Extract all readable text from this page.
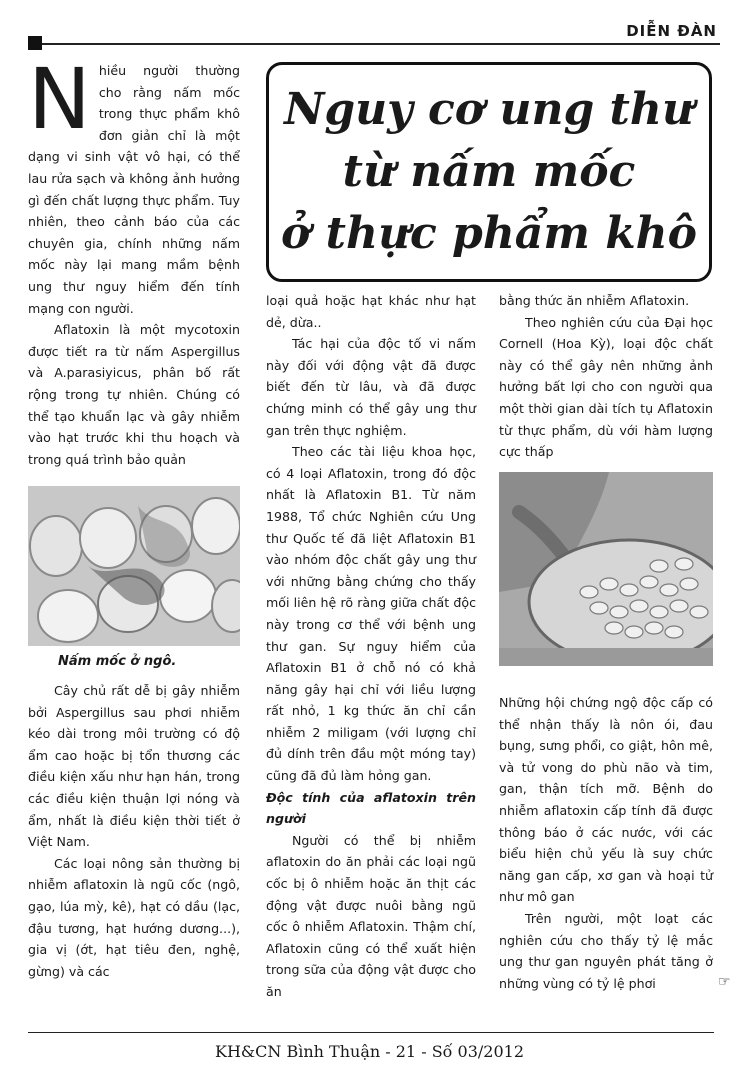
DIỄN ĐÀN
Nguy cơ ung thư
từ nấm mốc
ở thực phẩm khô
N hiều người thường cho rằng nấm mốc trong thực phẩm khô đơn giản chỉ là một dạng vi sinh vật vô hại, có thể lau rửa sạch và không ảnh hưởng gì đến chất lượng thực phẩm. Tuy nhiên, theo cảnh báo của các chuyên gia, chính những nấm mốc này lại mang mầm bệnh ung thư nguy hiểm đến tính mạng con người.

Aflatoxin là một mycotoxin được tiết ra từ nấm Aspergillus và A.parasiyicus, phân bố rất rộng trong tự nhiên. Chúng có thể tạo khuẩn lạc và gây nhiễm vào hạt trước khi thu hoạch và trong quá trình bảo quản

Nấm mốc ở ngô.

Cây chủ rất dễ bị gây nhiễm bởi Aspergillus sau phơi nhiễm kéo dài trong môi trường có độ ẩm cao hoặc bị tổn thương các điều kiện xấu như hạn hán, trong các điều kiện thuận lợi nóng và ẩm, nhất là điều kiện thời tiết ở Việt Nam.

Các loại nông sản thường bị nhiễm aflatoxin là ngũ cốc (ngô, gạo, lúa mỳ, kê), hạt có dầu (lạc, đậu tương, hạt hướng dương...), gia vị (ớt, hạt tiêu đen, nghệ, gừng) và các

loại quả hoặc hạt khác như hạt dẻ, dừa..

Tác hại của độc tố vi nấm này đối với động vật đã được biết đến từ lâu, và đã được chứng minh có thể gây ung thư gan trên thực nghiệm.

Theo các tài liệu khoa học, có 4 loại Aflatoxin, trong đó độc nhất là Aflatoxin B1. Từ năm 1988, Tổ chức Nghiên cứu Ung thư Quốc tế đã liệt Aflatoxin B1 vào nhóm độc chất gây ung thư với những bằng chứng cho thấy mối liên hệ rõ ràng giữa chất độc này trong cơ thể với bệnh ung thư gan. Sự nguy hiểm của Aflatoxin B1 ở chỗ nó có khả năng gây hại chỉ với liều lượng rất nhỏ, 1 kg thức ăn chỉ cần nhiễm 2 miligam (với lượng chỉ đủ dính trên đầu một móng tay) cũng đã đủ làm hỏng gan.

Độc tính của aflatoxin trên người

Người có thể bị nhiễm aflatoxin do ăn phải các loại ngũ cốc bị ô nhiễm hoặc ăn thịt các động vật được nuôi bằng ngũ cốc ô nhiễm Aflatoxin. Thậm chí, Aflatoxin cũng có thể xuất hiện trong sữa của động vật được cho ăn

bằng thức ăn nhiễm Aflatoxin.

Theo nghiên cứu của Đại học Cornell (Hoa Kỳ), loại độc chất này có thể gây nên những ảnh hưởng bất lợi cho con người qua một thời gian dài tích tụ Aflatoxin từ thực phẩm, dù với hàm lượng cực thấp

Những hội chứng ngộ độc cấp có thể nhận thấy là nôn ói, đau bụng, sưng phổi, co giật, hôn mê, và tử vong do phù não và tim, gan, thận tích mỡ. Bệnh do nhiễm aflatoxin cấp tính đã được thông báo ở các nước, với các biểu hiện chủ yếu là suy chức năng gan cấp, xơ gan và hoại tử như mô gan

Trên người, một loạt các nghiên cứu cho thấy tỷ lệ mắc ung thư gan nguyên phát tăng ở những vùng có tỷ lệ phơi	☞
KH&CN Bình Thuận - 21 - Số 03/2012
